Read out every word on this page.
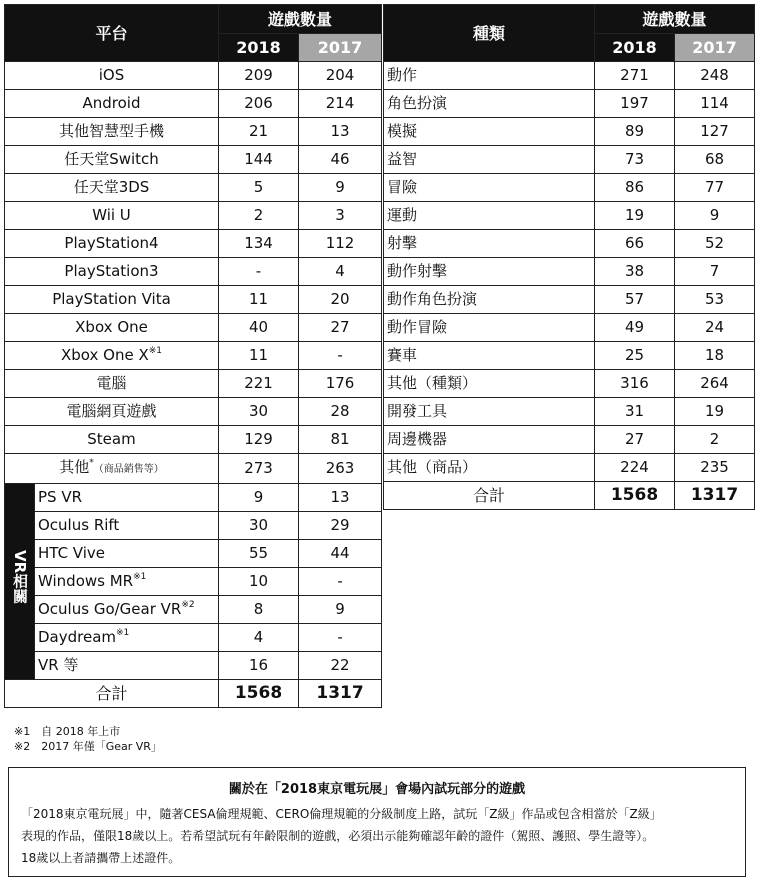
平台		遊戲數量	
		2018	2017
iOS		209	204
Android		206	214
其他智慧型手機		21	13
任天堂Switch		144	46
任天堂3DS		5	9
Wii U		2	3
PlayStation4		134	112
PlayStation3		-	4
PlayStation Vita		11	20
Xbox One		40	27
Xbox One $X^{※1}$		11	-
電腦		221	176
電腦網頁遊戲		30	28
Steam		129	81
其他*（商品銷售等）		273	263
VR相關	PS VR	9	13
	Oculus Rift	30	29
	HTC Vive	55	44
	Windows MR$^{※1}$	10	-
	Oculus Go/Gear VR$^{※2}$	8	9
	Daydream$^{※1}$	4	-
	VR 等	16	22
合計		1568	1317
種類	遊戲數量	
	2018	2017
動作	271	248
角色扮演	197	114
模擬	89	127
益智	73	68
冒險	86	77
運動	19	9
射擊	66	52
動作射擊	38	7
動作角色扮演	57	53
動作冒險	49	24
賽車	25	18
其他（種類）	316	264
開發工具	31	19
周邊機器	27	2
其他（商品）	224	235
合計	1568	1317
※1　自 2018 年上市
※2　2017 年僅「Gear VR」
關於在「2018東京電玩展」會場內試玩部分的遊戲
「2018東京電玩展」中，隨著CESA倫理規範、CERO倫理規範的分級制度上路，試玩「Z級」作品或包含相當於「Z級」
表現的作品，僅限18歲以上。若希望試玩有年齡限制的遊戲，必須出示能夠確認年齡的證件（駕照、護照、學生證等）。
18歲以上者請攜帶上述證件。
